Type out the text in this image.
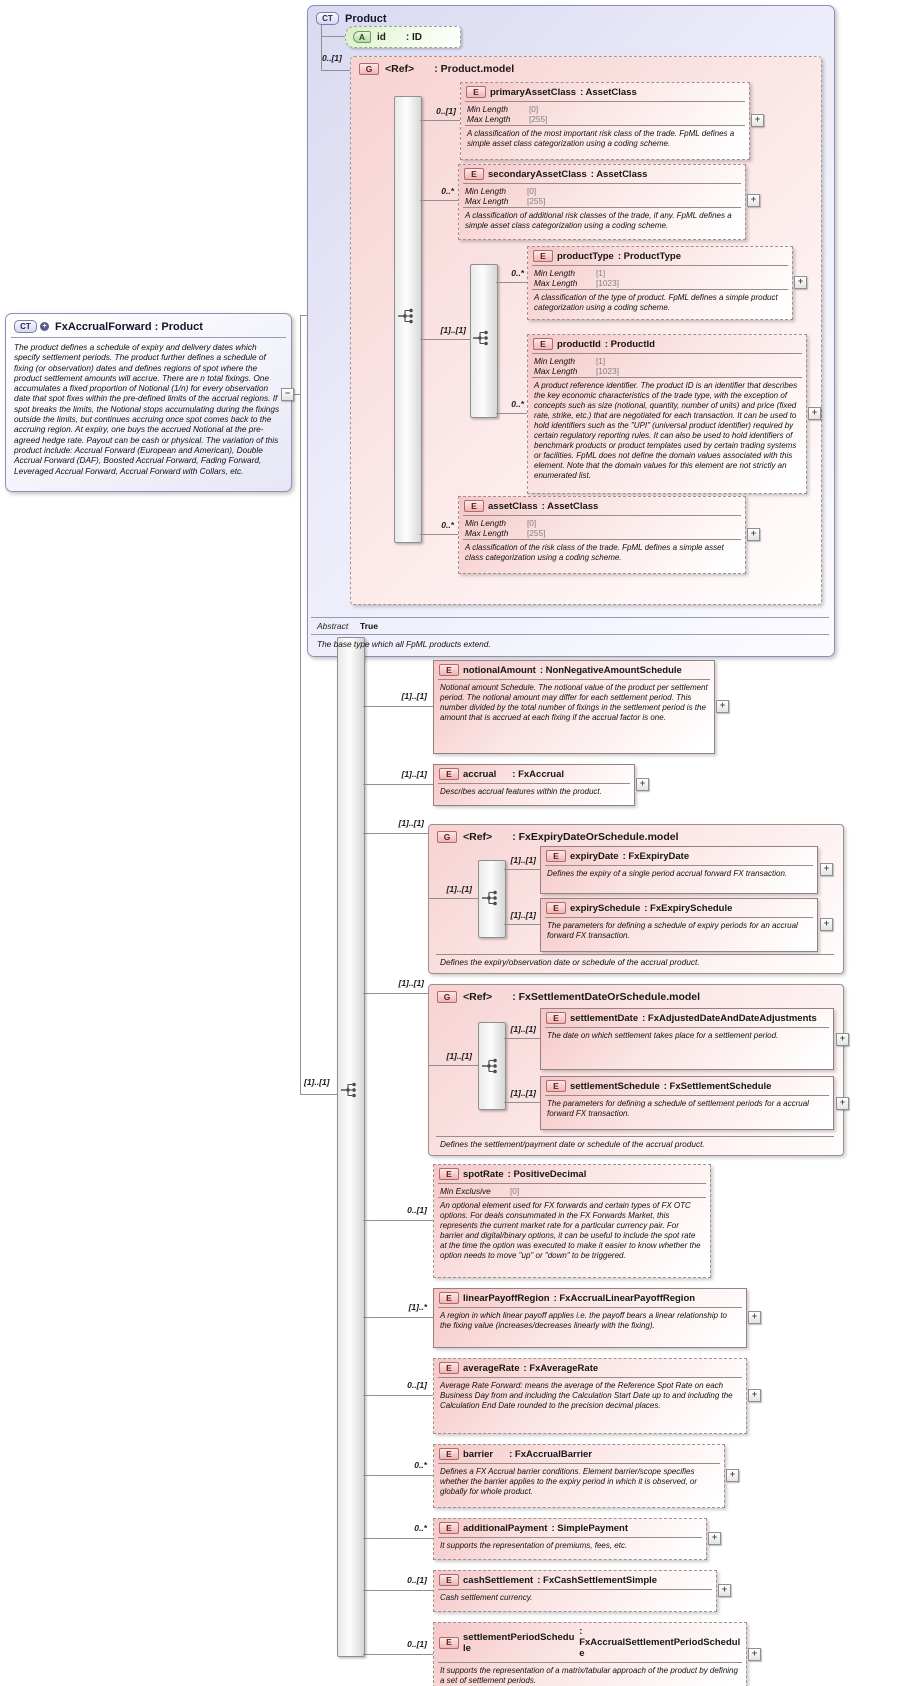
CT	Product
0..[1]
A	id : ID
G	<Ref> : Product.model
0..[1]
0..*
[1]..[1]
0..*
E	primaryAssetClass : AssetClass
Min Length	[0]
Max Length	[255]
A classification of the most important risk class of the trade. FpML defines a simple asset class categorization using a coding scheme.
+
E	secondaryAssetClass : AssetClass
Min Length	[0]
Max Length	[255]
A classification of additional risk classes of the trade, if any. FpML defines a simple asset class categorization using a coding scheme.
+
0..*
0..*
E	productType : ProductType
Min Length	[1]
Max Length	[1023]
A classification of the type of product. FpML defines a simple product categorization using a coding scheme.
+
E	productId : ProductId
Min Length	[1]
Max Length	[1023]
A product reference identifier. The product ID is an identifier that describes the key economic characteristics of the trade type, with the exception of concepts such as size (notional, quantity, number of units) and price (fixed rate, strike, etc.) that are negotiated for each transaction. It can be used to hold identifiers such as the "UPI" (universal product identifier) required by certain regulatory reporting rules. It can also be used to hold identifiers of benchmark products or product templates used by certain trading systems or facilities. FpML does not define the domain values associated with this element. Note that the domain values for this element are not strictly an enumerated list.
+
E	assetClass : AssetClass
Min Length	[0]
Max Length	[255]
A classification of the risk class of the trade. FpML defines a simple asset class categorization using a coding scheme.
+
Abstract True
The base type which all FpML products extend.
CT	+ FxAccrualForward : Product
The product defines a schedule of expiry and delivery dates which specify settlement periods. The product further defines a schedule of fixing (or observation) dates and defines regions of spot where the product settlement amounts will accrue. There are n total fixings. One accumulates a fixed proportion of Notional (1/n) for every observation date that spot fixes within the pre-defined limits of the accrual regions. If spot breaks the limits, the Notional stops accumulating during the fixings outside the limits, but continues accruing once spot comes back to the accruing region. At expiry, one buys the accrued Notional at the pre-agreed hedge rate. Payout can be cash or physical. The variation of this product include: Accrual Forward (European and American), Double Accrual Forward (DAF), Boosted Accrual Forward, Fading Forward, Leveraged Accrual Forward, Accrual Forward with Collars, etc.
−
[1]..[1]
[1]..[1]
[1]..[1]
[1]..[1]
[1]..[1]
0..[1]
[1]..*
0..[1]
0..*
0..*
0..[1]
0..[1]
E	notionalAmount : NonNegativeAmountSchedule
Notional amount Schedule. The notional value of the product per settlement period. The notional amount may differ for each settlement period. This number divided by the total number of fixings in the settlement period is the amount that is accrued at each fixing if the accrual factor is one.
+
E	accrual : FxAccrual
Describes accrual features within the product.
+
G	<Ref> : FxExpiryDateOrSchedule.model
[1]..[1]
[1]..[1]
[1]..[1]
E	expiryDate : FxExpiryDate
Defines the expiry of a single period accrual forward FX transaction.
+
E	expirySchedule : FxExpirySchedule
The parameters for defining a schedule of expiry periods for an accrual forward FX transaction.
+
Defines the expiry/observation date or schedule of the accrual product.
G	<Ref> : FxSettlementDateOrSchedule.model
[1]..[1]
[1]..[1]
[1]..[1]
E	settlementDate : FxAdjustedDateAndDateAdjustments
The date on which settlement takes place for a settlement period.	+
E	settlementSchedule : FxSettlementSchedule
The parameters for defining a schedule of settlement periods for a accrual forward FX transaction.
+
Defines the settlement/payment date or schedule of the accrual product.
E	spotRate : PositiveDecimal
Min Exclusive	[0]
An optional element used for FX forwards and certain types of FX OTC options. For deals consummated in the FX Forwards Market, this represents the current market rate for a particular currency pair. For barrier and digital/binary options, it can be useful to include the spot rate at the time the option was executed to make it easier to know whether the option needs to move "up" or "down" to be triggered.
E	linearPayoffRegion : FxAccrualLinearPayoffRegion
A region in which linear payoff applies i.e. the payoff bears a linear relationship to the fixing value (increases/decreases linearly with the fixing).
+
E	averageRate : FxAverageRate
Average Rate Forward: means the average of the Reference Spot Rate on each Business Day from and including the Calculation Start Date up to and including the Calculation End Date rounded to the precision decimal places.
+
E	barrier : FxAccrualBarrier
Defines a FX Accrual barrier conditions. Element barrier/scope specifies whether the barrier applies to the expiry period in which it is observed, or globally for whole product.
+
E	additionalPayment : SimplePayment
It supports the representation of premiums, fees, etc.
+
E	cashSettlement : FxCashSettlementSimple
Cash settlement currency.
+
E	settlementPeriodSchedule
: FxAccrualSettlementPeriodSchedule
It supports the representation of a matrix/tabular approach of the product by defining a set of settlement periods.
+
